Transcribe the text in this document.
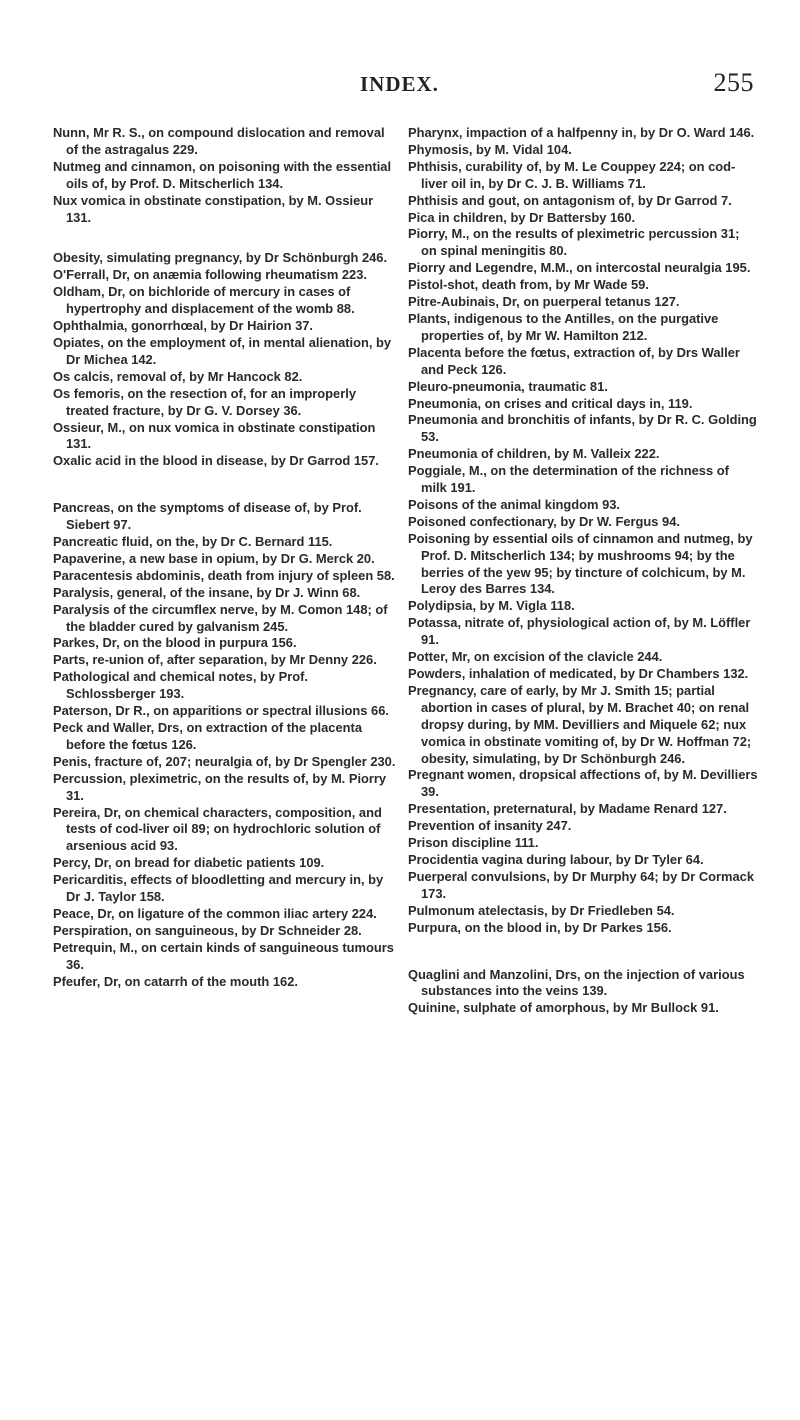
INDEX.	255

Nunn, Mr R. S., on compound dislocation and removal of the astragalus 229.

Nutmeg and cinnamon, on poisoning with the essential oils of, by Prof. D. Mitscherlich 134.

Nux vomica in obstinate constipation, by M. Ossieur 131.

Obesity, simulating pregnancy, by Dr Schönburgh 246.

O'Ferrall, Dr, on anæmia following rheumatism 223.

Oldham, Dr, on bichloride of mercury in cases of hypertrophy and displacement of the womb 88.

Ophthalmia, gonorrhœal, by Dr Hairion 37.

Opiates, on the employment of, in mental alienation, by Dr Michea 142.

Os calcis, removal of, by Mr Hancock 82.

Os femoris, on the resection of, for an improperly treated fracture, by Dr G. V. Dorsey 36.

Ossieur, M., on nux vomica in obstinate constipation 131.

Oxalic acid in the blood in disease, by Dr Garrod 157.

Pancreas, on the symptoms of disease of, by Prof. Siebert 97.

Pancreatic fluid, on the, by Dr C. Bernard 115.

Papaverine, a new base in opium, by Dr G. Merck 20.

Paracentesis abdominis, death from injury of spleen 58.

Paralysis, general, of the insane, by Dr J. Winn 68.

Paralysis of the circumflex nerve, by M. Comon 148; of the bladder cured by galvanism 245.

Parkes, Dr, on the blood in purpura 156.

Parts, re-union of, after separation, by Mr Denny 226.

Pathological and chemical notes, by Prof. Schlossberger 193.

Paterson, Dr R., on apparitions or spectral illusions 66.

Peck and Waller, Drs, on extraction of the placenta before the fœtus 126.

Penis, fracture of, 207; neuralgia of, by Dr Spengler 230.

Percussion, pleximetric, on the results of, by M. Piorry 31.

Pereira, Dr, on chemical characters, composition, and tests of cod-liver oil 89; on hydrochloric solution of arsenious acid 93.

Percy, Dr, on bread for diabetic patients 109.

Pericarditis, effects of bloodletting and mercury in, by Dr J. Taylor 158.

Peace, Dr, on ligature of the common iliac artery 224.

Perspiration, on sanguineous, by Dr Schneider 28.

Petrequin, M., on certain kinds of sanguineous tumours 36.

Pfeufer, Dr, on catarrh of the mouth 162.

Pharynx, impaction of a halfpenny in, by Dr O. Ward 146.

Phymosis, by M. Vidal 104.

Phthisis, curability of, by M. Le Couppey 224; on cod-liver oil in, by Dr C. J. B. Williams 71.

Phthisis and gout, on antagonism of, by Dr Garrod 7.

Pica in children, by Dr Battersby 160.

Piorry, M., on the results of pleximetric percussion 31; on spinal meningitis 80.

Piorry and Legendre, M.M., on intercostal neuralgia 195.

Pistol-shot, death from, by Mr Wade 59.

Pitre-Aubinais, Dr, on puerperal tetanus 127.

Plants, indigenous to the Antilles, on the purgative properties of, by Mr W. Hamilton 212.

Placenta before the fœtus, extraction of, by Drs Waller and Peck 126.

Pleuro-pneumonia, traumatic 81.

Pneumonia, on crises and critical days in, 119.

Pneumonia and bronchitis of infants, by Dr R. C. Golding 53.

Pneumonia of children, by M. Valleix 222.

Poggiale, M., on the determination of the richness of milk 191.

Poisons of the animal kingdom 93.

Poisoned confectionary, by Dr W. Fergus 94.

Poisoning by essential oils of cinnamon and nutmeg, by Prof. D. Mitscherlich 134; by mushrooms 94; by the berries of the yew 95; by tincture of colchicum, by M. Leroy des Barres 134.

Polydipsia, by M. Vigla 118.

Potassa, nitrate of, physiological action of, by M. Löffler 91.

Potter, Mr, on excision of the clavicle 244.

Powders, inhalation of medicated, by Dr Chambers 132.

Pregnancy, care of early, by Mr J. Smith 15; partial abortion in cases of plural, by M. Brachet 40; on renal dropsy during, by MM. Devilliers and Miquele 62; nux vomica in obstinate vomiting of, by Dr W. Hoffman 72; obesity, simulating, by Dr Schönburgh 246.

Pregnant women, dropsical affections of, by M. Devilliers 39.

Presentation, preternatural, by Madame Renard 127.

Prevention of insanity 247.

Prison discipline 111.

Procidentia vagina during labour, by Dr Tyler 64.

Puerperal convulsions, by Dr Murphy 64; by Dr Cormack 173.

Pulmonum atelectasis, by Dr Friedleben 54.

Purpura, on the blood in, by Dr Parkes 156.

Quaglini and Manzolini, Drs, on the injection of various substances into the veins 139.

Quinine, sulphate of amorphous, by Mr Bullock 91.
